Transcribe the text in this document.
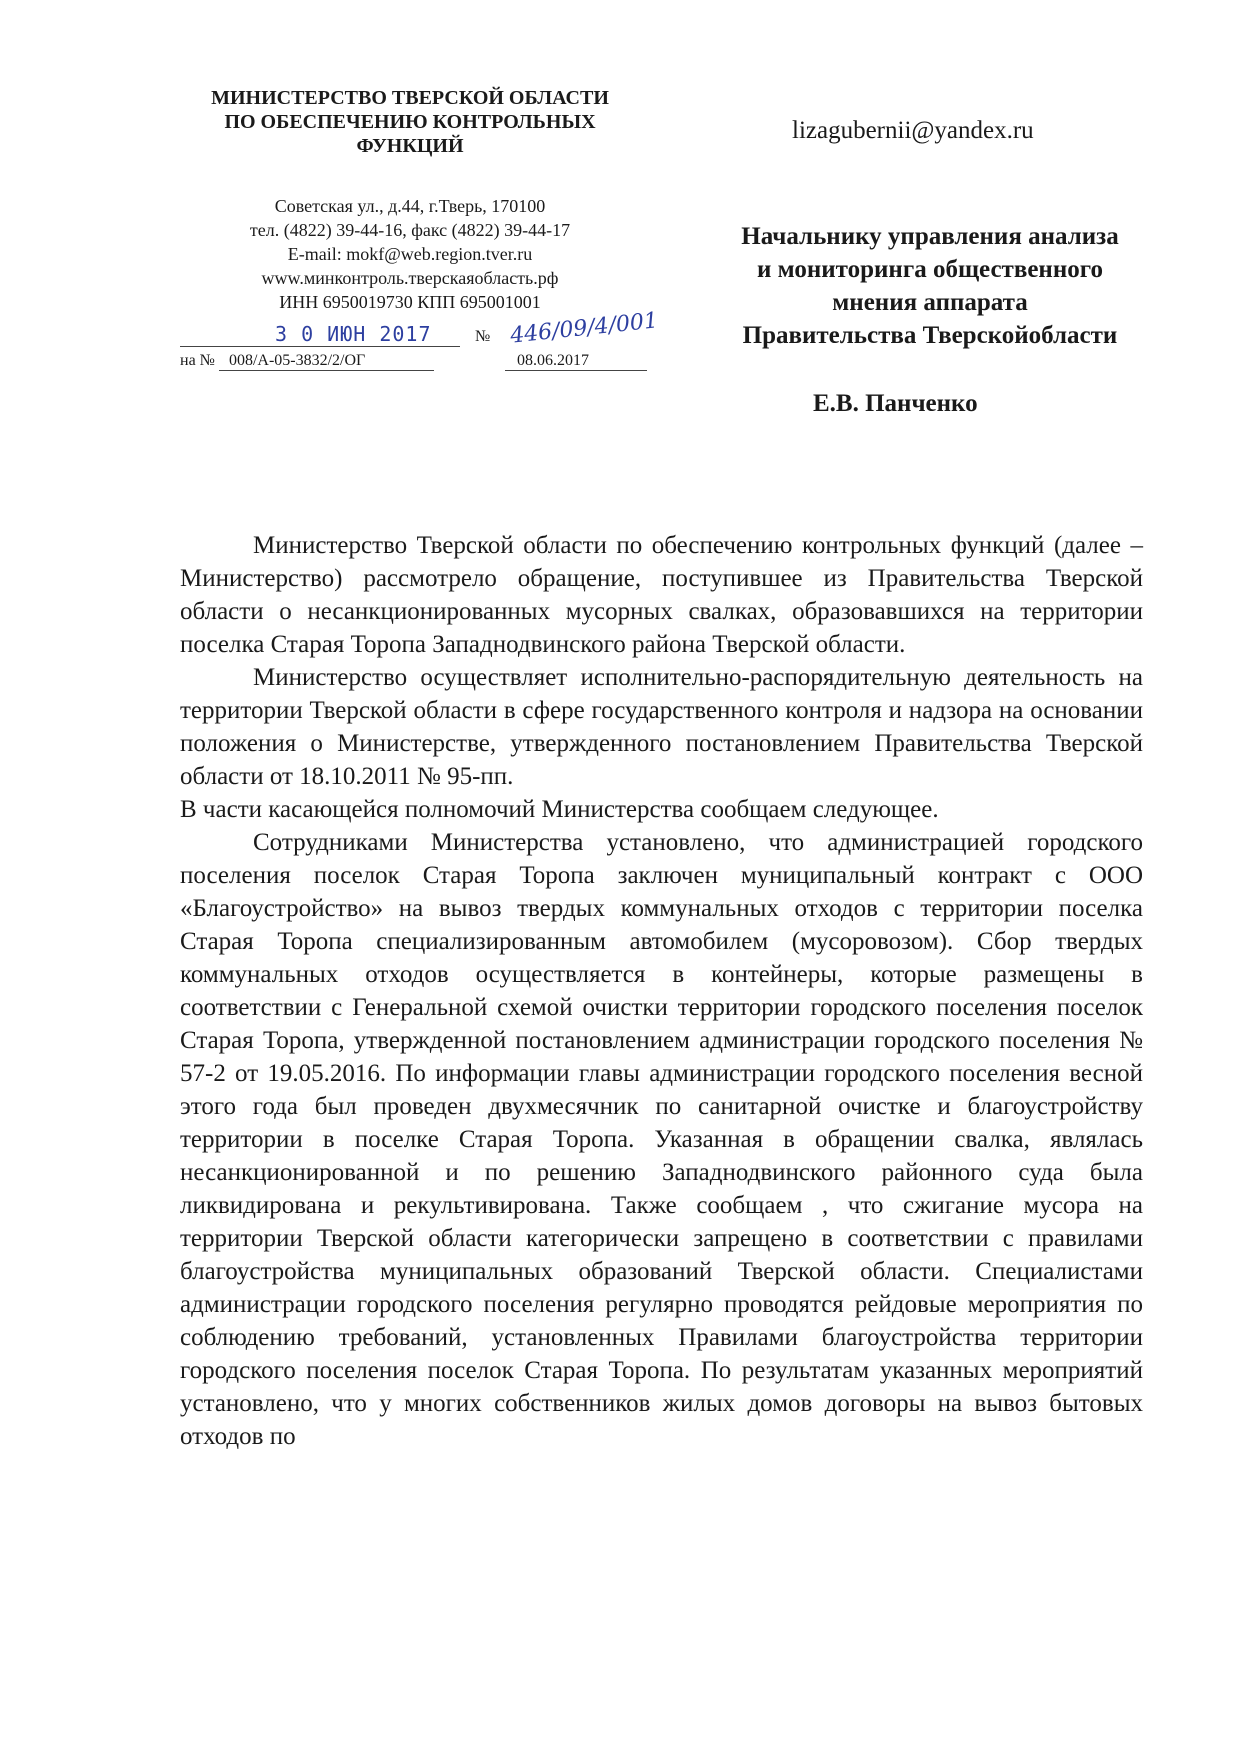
МИНИСТЕРСТВО ТВЕРСКОЙ ОБЛАСТИ

ПО ОБЕСПЕЧЕНИЮ КОНТРОЛЬНЫХ

ФУНКЦИЙ

Советская ул., д.44, г.Тверь, 170100
тел. (4822) 39-44-16, факс (4822) 39-44-17
E-mail: mokf@web.region.tver.ru
www.минконтроль.тверскаяобласть.рф
ИНН 6950019730 КПП 695001001
3 0 ИЮН 2017	№ 446/09/4/001
на № 008/А-05-3832/2/ОГ	08.06.2017
lizagubernii@yandex.ru
Начальнику управления анализа
и мониторинга общественного
мнения аппарата
Правительства Тверскойобласти
Е.В. Панченко

Министерство Тверской области по обеспечению контрольных функций (далее – Министерство) рассмотрело обращение, поступившее из Правительства Тверской области о несанкционированных мусорных свалках, образовавшихся на территории поселка Старая Торопа Западнодвинского района Тверской области.

Министерство осуществляет исполнительно-распорядительную деятельность на территории Тверской области в сфере государственного контроля и надзора на основании положения о Министерстве, утвержденного постановлением Правительства Тверской области от 18.10.2011 № 95-пп.

В части касающейся полномочий Министерства сообщаем следующее.

Сотрудниками Министерства установлено, что администрацией городского поселения поселок Старая Торопа заключен муниципальный контракт с ООО «Благоустройство» на вывоз твердых коммунальных отходов с территории поселка Старая Торопа специализированным автомобилем (мусоровозом). Сбор твердых коммунальных отходов осуществляется в контейнеры, которые размещены в соответствии с Генеральной схемой очистки территории городского поселения поселок Старая Торопа, утвержденной постановлением администрации городского поселения № 57-2 от 19.05.2016. По информации главы администрации городского поселения весной этого года был проведен двухмесячник по санитарной очистке и благоустройству территории в поселке Старая Торопа. Указанная в обращении свалка, являлась несанкционированной и по решению Западнодвинского районного суда была ликвидирована и рекультивирована. Также сообщаем , что сжигание мусора на территории Тверской области категорически запрещено в соответствии с правилами благоустройства муниципальных образований Тверской области. Специалистами администрации городского поселения регулярно проводятся рейдовые мероприятия по соблюдению требований, установленных Правилами благоустройства территории городского поселения поселок Старая Торопа. По результатам указанных мероприятий установлено, что у многих собственников жилых домов договоры на вывоз бытовых отходов по
